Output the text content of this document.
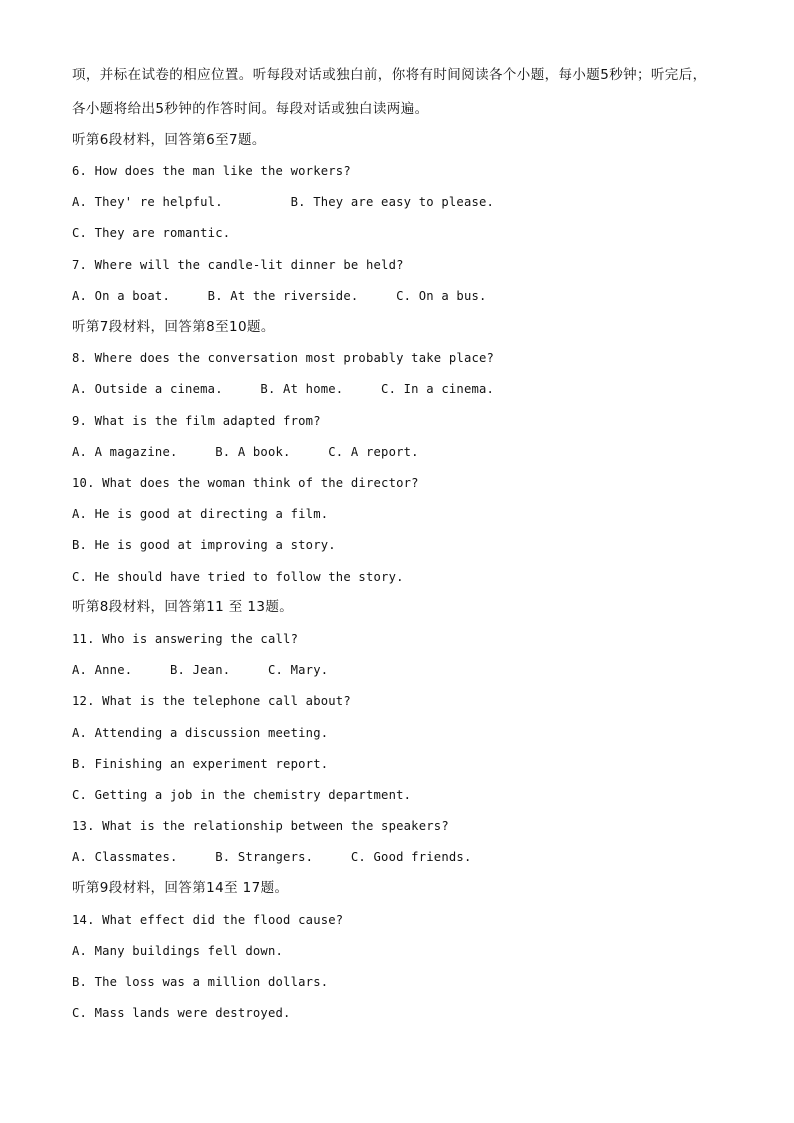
项，并标在试卷的相应位置。听每段对话或独白前，你将有时间阅读各个小题，每小题5秒钟；听完后，
各小题将给出5秒钟的作答时间。每段对话或独白读两遍。
听第6段材料，回答第6至7题。
6. How does the man like the workers?
A. They' re helpful.         B. They are easy to please.
C. They are romantic.
7. Where will the candle-lit dinner be held?
A. On a boat.     B. At the riverside.     C. On a bus.
听第7段材料，回答第8至10题。
8. Where does the conversation most probably take place?
A. Outside a cinema.     B. At home.     C. In a cinema.
9. What is the film adapted from?
A. A magazine.     B. A book.     C. A report.
10. What does the woman think of the director?
A. He is good at directing a film.
B. He is good at improving a story.
C. He should have tried to follow the story.
听第8段材料，回答第11 至 13题。
11. Who is answering the call?
A. Anne.     B. Jean.     C. Mary.
12. What is the telephone call about?
A. Attending a discussion meeting.
B. Finishing an experiment report.
C. Getting a job in the chemistry department.
13. What is the relationship between the speakers?
A. Classmates.     B. Strangers.     C. Good friends.
听第9段材料，回答第14至 17题。
14. What effect did the flood cause?
A. Many buildings fell down.
B. The loss was a million dollars.
C. Mass lands were destroyed.
